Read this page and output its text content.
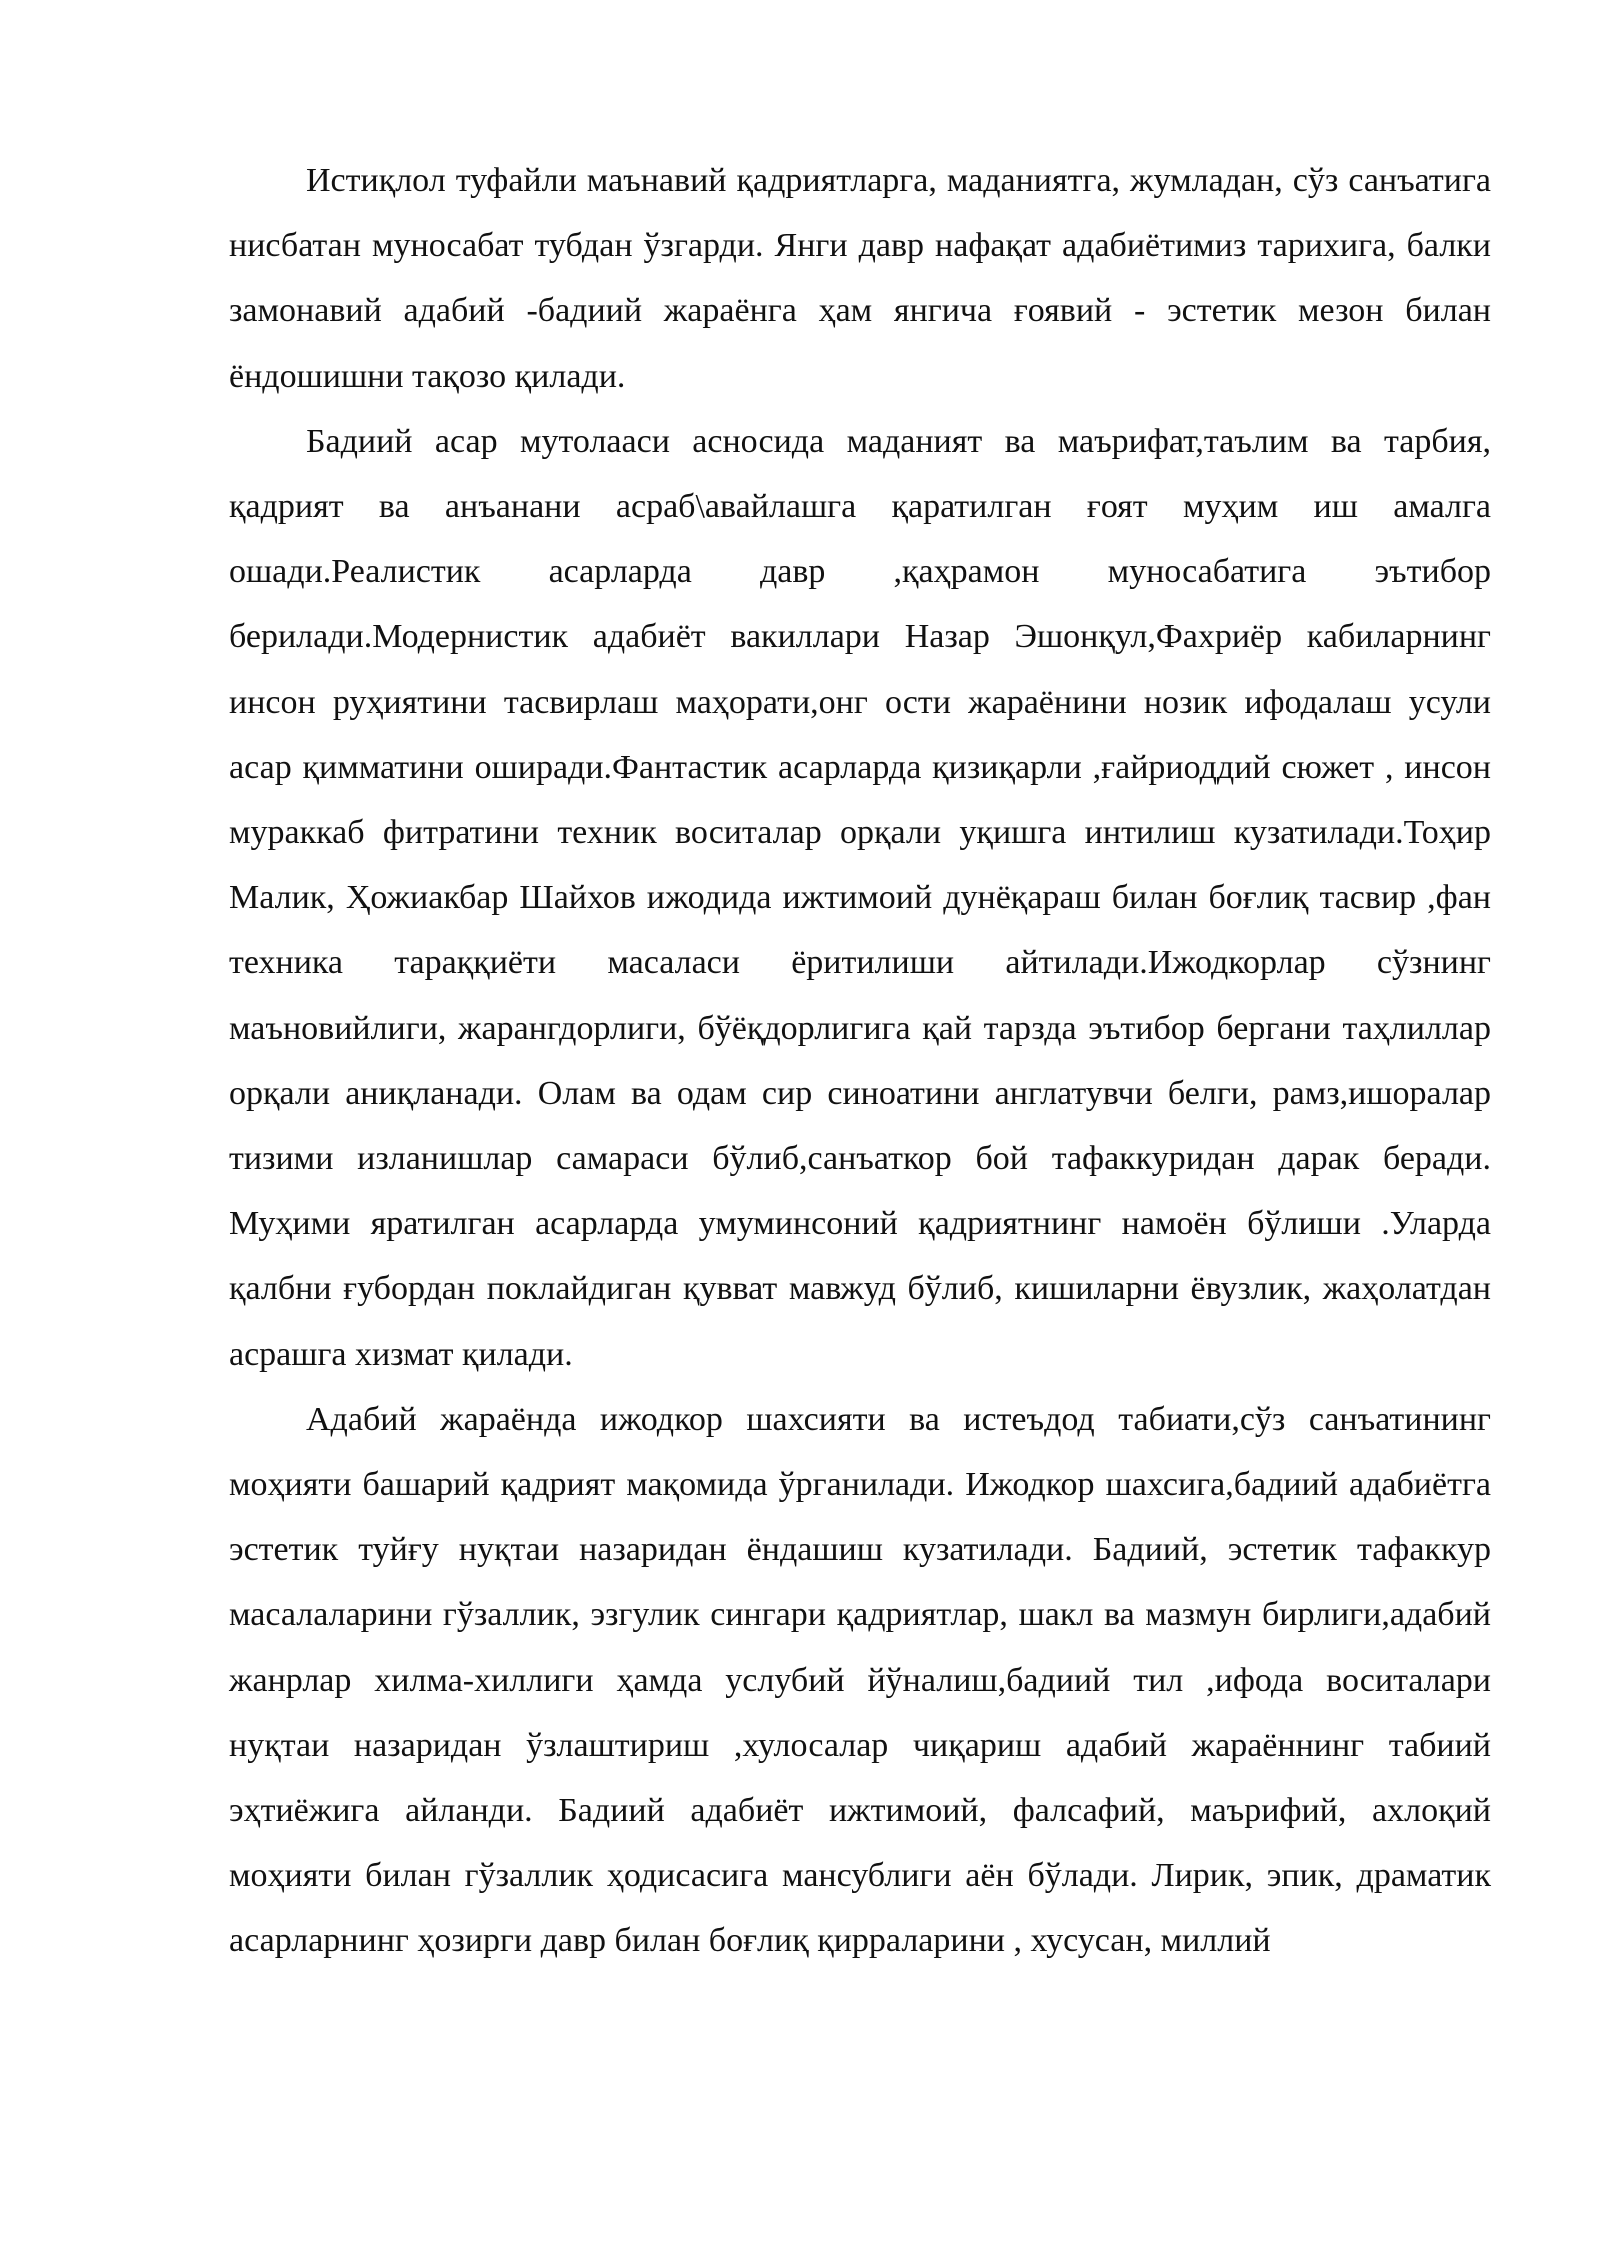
Истиқлол туфайли маънавий қадриятларга, маданиятга, жумладан, сўз санъатига нисбатан муносабат тубдан ўзгарди. Янги давр нафақат адабиётимиз тарихига, балки замонавий адабий -бадиий жараёнга ҳам янгича ғоявий - эстетик мезон билан ёндошишни тақозо қилади.

Бадиий асар мутолааси асносида маданият ва маърифат,таълим ва тарбия, қадрият ва анъанани асраб\авайлашга қаратилган ғоят муҳим иш амалга ошади.Реалистик асарларда давр ,қаҳрамон муносабатига эътибор берилади.Модернистик адабиёт вакиллари Назар Эшонқул,Фахриёр кабиларнинг инсон руҳиятини тасвирлаш маҳорати,онг ости жараёнини нозик ифодалаш усули асар қимматини оширади.Фантастик асарларда қизиқарли ,ғайриоддий сюжет , инсон мураккаб фитратини техник воситалар орқали уқишга интилиш кузатилади.Тоҳир Малик, Ҳожиакбар Шайхов ижодида ижтимоий дунёқараш билан боғлиқ тасвир ,фан техника тараққиёти масаласи ёритилиши айтилади.Ижодкорлар сўзнинг маъновийлиги, жарангдорлиги, бўёқдорлигига қай тарзда эътибор бергани таҳлиллар орқали аниқланади. Олам ва одам сир синоатини англатувчи белги, рамз,ишоралар тизими изланишлар самараси бўлиб,санъаткор бой тафаккуридан дарак беради. Муҳими яратилган асарларда умуминсоний қадриятнинг намоён бўлиши .Уларда қалбни ғубордан поклайдиган қувват мавжуд бўлиб, кишиларни ёвузлик, жаҳолатдан асрашга хизмат қилади.

Адабий жараёнда ижодкор шахсияти ва истеъдод табиати,сўз санъатининг моҳияти башарий қадрият мақомида ўрганилади. Ижодкор шахсига,бадиий адабиётга эстетик туйғу нуқтаи назаридан ёндашиш кузатилади. Бадиий, эстетик тафаккур масалаларини гўзаллик, эзгулик сингари қадриятлар, шакл ва мазмун бирлиги,адабий жанрлар хилма-хиллиги ҳамда услубий йўналиш,бадиий тил ,ифода воситалари нуқтаи назаридан ўзлаштириш ,хулосалар чиқариш адабий жараённинг табиий эҳтиёжига айланди. Бадиий адабиёт ижтимоий, фалсафий, маърифий, ахлоқий моҳияти билан гўзаллик ҳодисасига мансублиги аён бўлади. Лирик, эпик, драматик асарларнинг ҳозирги давр билан боғлиқ қирраларини , хусусан, миллий
